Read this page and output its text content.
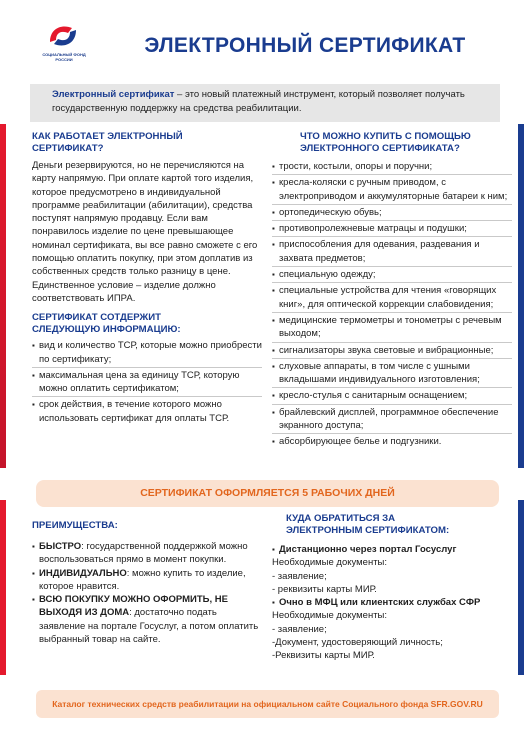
СОЦИАЛЬНЫЙ ФОНД РОССИИ
ЭЛЕКТРОННЫЙ СЕРТИФИКАТ
Электронный сертификат – это новый платежный инструмент, который позволяет получать государственную поддержку на средства реабилитации.
КАК РАБОТАЕТ ЭЛЕКТРОННЫЙ
СЕРТИФИКАТ?
Деньги резервируются, но не перечисляются на карту напрямую. При оплате картой того изделия, которое предусмотрено в индивидуальной программе реабилитации (абилитации), средства поступят напрямую продавцу. Если вам понравилось изделие по цене превышающее номинал сертификата, вы все равно сможете с его помощью оплатить покупку, при этом доплатив из собственных средств только разницу в цене. Единственное условие – изделие должно соответствовать ИПРА.
СЕРТИФИКАТ СОТДЕРЖИТ
СЛЕДУЮЩУЮ ИНФОРМАЦИЮ:
▪ вид и количество ТСР, которые можно приобрести по сертификату;
▪ максимальная цена за единицу ТСР, которую можно оплатить сертификатом;
▪ срок действия, в течение которого можно использовать сертификат для оплаты ТСР.
ЧТО МОЖНО КУПИТЬ С ПОМОЩЬЮ
ЭЛЕКТРОННОГО СЕРТИФИКАТА?
▪ трости, костыли, опоры и поручни;
▪ кресла-коляски с ручным приводом, с электроприводом и аккумуляторные батареи к ним;
▪ ортопедическую обувь;
▪ противопролежневые матрацы и подушки;
▪ приспособления для одевания, раздевания и захвата предметов;
▪ специальную одежду;
▪ специальные устройства для чтения «говорящих книг», для оптической коррекции слабовидения;
▪ медицинские термометры и тонометры с речевым выходом;
▪ сигнализаторы звука световые и вибрационные;
▪ слуховые аппараты, в том числе с ушными вкладышами индивидуального изготовления;
▪ кресло-стулья с санитарным оснащением;
▪ брайлевский дисплей, программное обеспечение экранного доступа;
▪ абсорбирующее белье и подгузники.
СЕРТИФИКАТ ОФОРМЛЯЕТСЯ 5 РАБОЧИХ ДНЕЙ
ПРЕИМУЩЕСТВА:
▪ БЫСТРО: государственной поддержкой можно воспользоваться прямо в момент покупки.
▪ ИНДИВИДУАЛЬНО: можно купить то изделие, которое нравится.
▪ ВСЮ ПОКУПКУ МОЖНО ОФОРМИТЬ, НЕ ВЫХОДЯ ИЗ ДОМА: достаточно подать заявление на портале Госуслуг, а потом оплатить выбранный товар на сайте.
КУДА ОБРАТИТЬСЯ ЗА
ЭЛЕКТРОННЫМ СЕРТИФИКАТОМ:
▪ Дистанционно через портал Госуслуг
Необходимые документы:
- заявление;
- реквизиты карты МИР.
▪ Очно в МФЦ или клиентских службах СФР
Необходимые документы:
- заявление;
-Документ, удостоверяющий личность;
-Реквизиты карты МИР.
Каталог технических средств реабилитации на официальном сайте Социального фонда SFR.GOV.RU
